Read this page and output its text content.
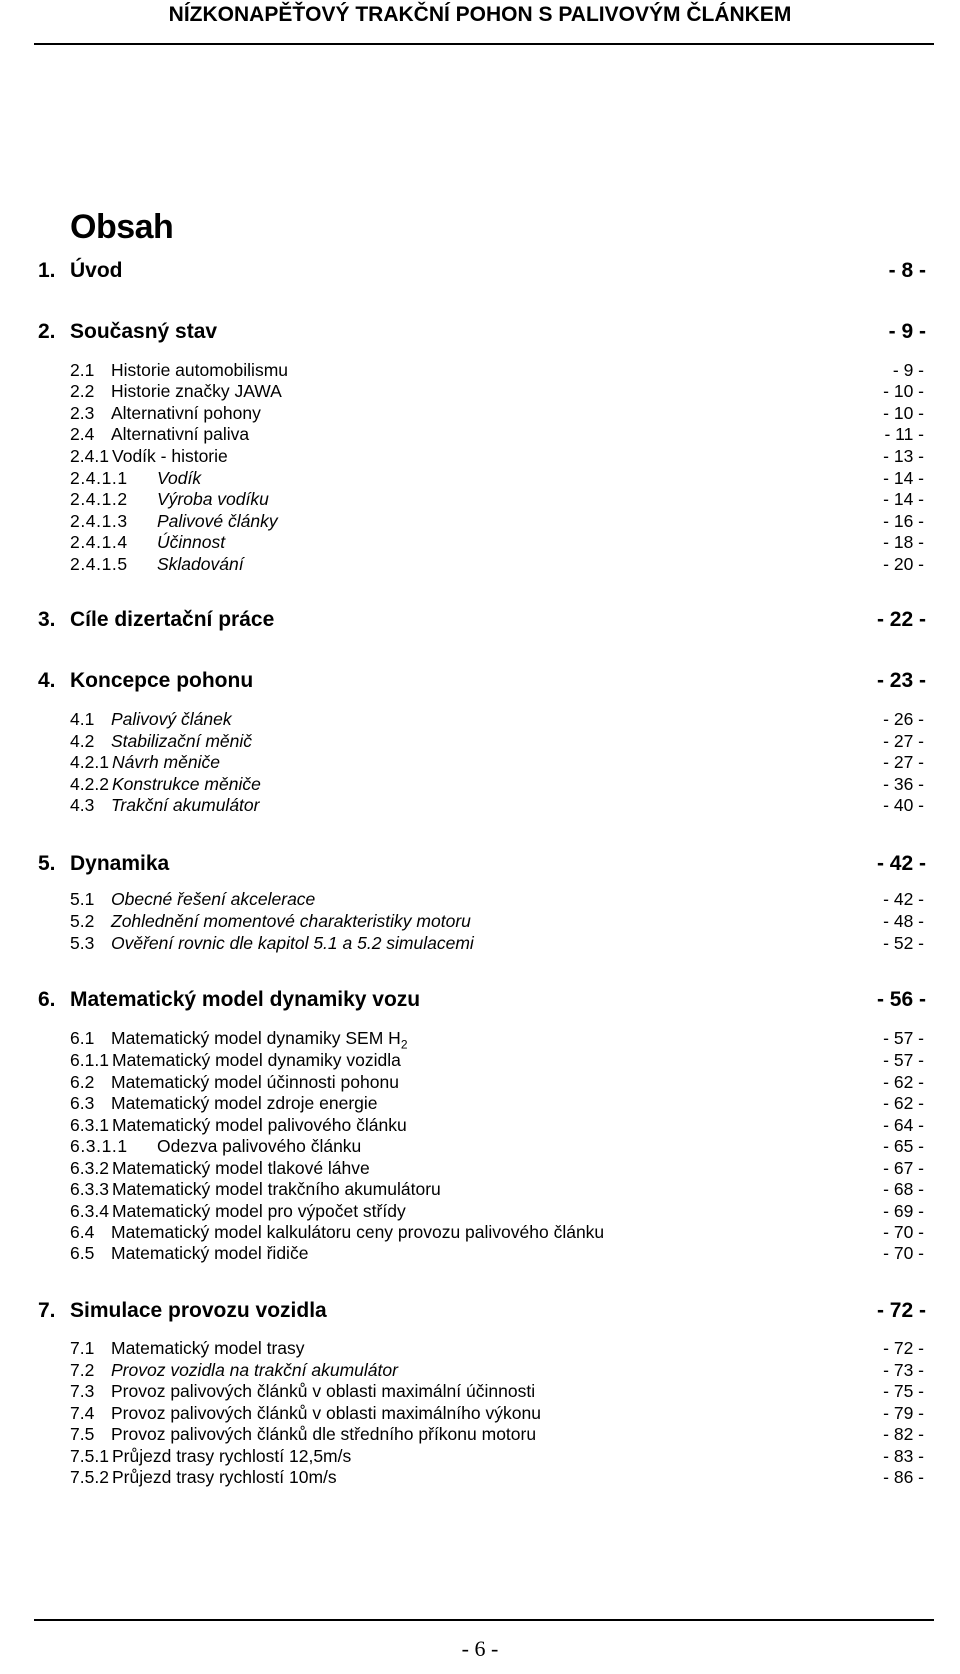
NÍZKONAPĚŤOVÝ TRAKČNÍ POHON S PALIVOVÝM ČLÁNKEM
Obsah
1. Úvod	- 8 -
2. Současný stav	- 9 -
2.1 Historie automobilismu	- 9 -
2.2 Historie značky JAWA	- 10 -
2.3 Alternativní pohony	- 10 -
2.4 Alternativní paliva	- 11 -
2.4.1 Vodík - historie	- 13 -
2.4.1.1 Vodík	- 14 -
2.4.1.2 Výroba vodíku	- 14 -
2.4.1.3 Palivové články	- 16 -
2.4.1.4 Účinnost	- 18 -
2.4.1.5 Skladování	- 20 -
3. Cíle dizertační práce	- 22 -
4. Koncepce pohonu	- 23 -
4.1 Palivový článek	- 26 -
4.2 Stabilizační měnič	- 27 -
4.2.1 Návrh měniče	- 27 -
4.2.2 Konstrukce měniče	- 36 -
4.3 Trakční akumulátor	- 40 -
5. Dynamika	- 42 -
5.1 Obecné řešení akcelerace	- 42 -
5.2 Zohlednění momentové charakteristiky motoru	- 48 -
5.3 Ověření rovnic dle kapitol 5.1 a 5.2 simulacemi	- 52 -
6. Matematický model dynamiky vozu	- 56 -
6.1 Matematický model dynamiky SEM $H_2$	- 57 -
6.1.1 Matematický model dynamiky vozidla	- 57 -
6.2 Matematický model účinnosti pohonu	- 62 -
6.3 Matematický model zdroje energie	- 62 -
6.3.1 Matematický model palivového článku	- 64 -
6.3.1.1 Odezva palivového článku	- 65 -
6.3.2 Matematický model tlakové láhve	- 67 -
6.3.3 Matematický model trakčního akumulátoru	- 68 -
6.3.4 Matematický model pro výpočet střídy	- 69 -
6.4 Matematický model kalkulátoru ceny provozu palivového článku	- 70 -
6.5 Matematický model řidiče	- 70 -
7. Simulace provozu vozidla	- 72 -
7.1 Matematický model trasy	- 72 -
7.2 Provoz vozidla na trakční akumulátor	- 73 -
7.3 Provoz palivových článků v oblasti maximální účinnosti	- 75 -
7.4 Provoz palivových článků v oblasti maximálního výkonu	- 79 -
7.5 Provoz palivových článků dle středního příkonu motoru	- 82 -
7.5.1 Průjezd trasy rychlostí 12,5m/s	- 83 -
7.5.2 Průjezd trasy rychlostí 10m/s	- 86 -
- 6 -
